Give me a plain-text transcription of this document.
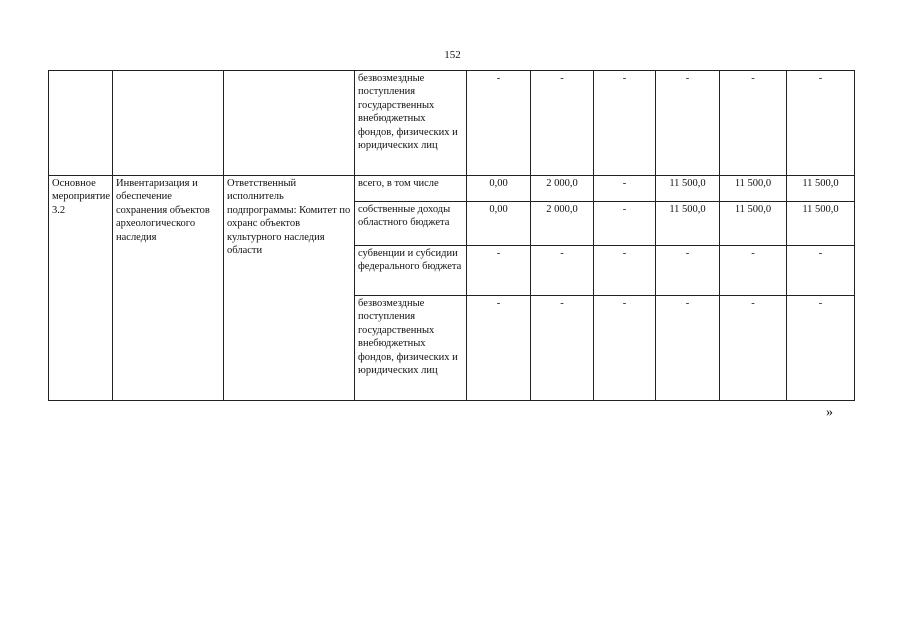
152
			безвозмездные поступления государственных внебюджетных фондов, физических и юридических лиц	-	-	-	-	-	-
Основное мероприятие 3.2	Инвентаризация и обеспечение сохранения объектов археологического наследия	Ответственный исполнитель подпрограммы: Комитет по охранс объектов культурного наследия области	всего, в том числе	0,00	2 000,0	-	11 500,0	11 500,0	11 500,0
			собственные доходы областного бюджета	0,00	2 000,0	-	11 500,0	11 500,0	11 500,0
			субвенции и субсидии федерального бюджета	-	-	-	-	-	-
			безвозмездные поступления государственных внебюджетных фондов, физических и юридических лиц	-	-	-	-	-	-
»
